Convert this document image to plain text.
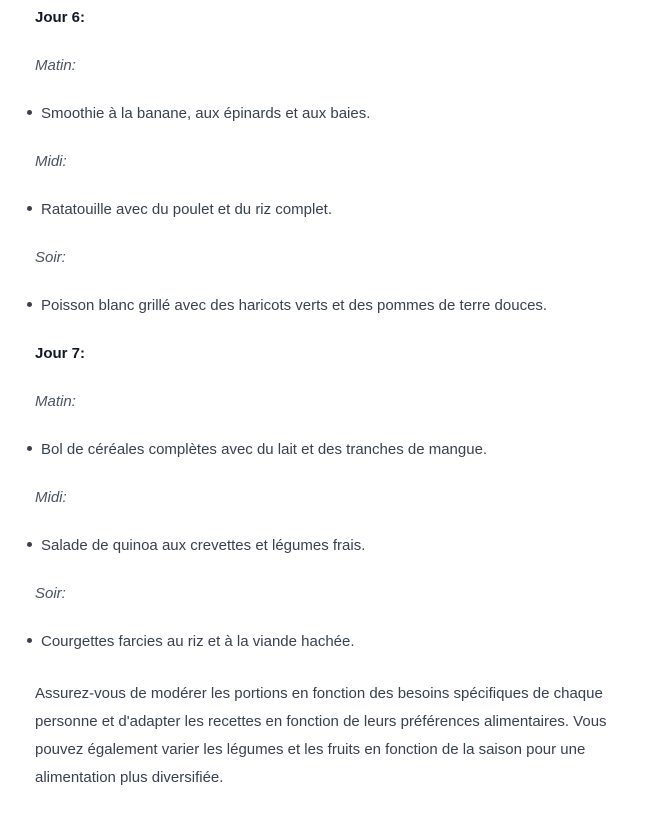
Jour 6:
Matin:
Smoothie à la banane, aux épinards et aux baies.
Midi:
Ratatouille avec du poulet et du riz complet.
Soir:
Poisson blanc grillé avec des haricots verts et des pommes de terre douces.
Jour 7:
Matin:
Bol de céréales complètes avec du lait et des tranches de mangue.
Midi:
Salade de quinoa aux crevettes et légumes frais.
Soir:
Courgettes farcies au riz et à la viande hachée.

Assurez-vous de modérer les portions en fonction des besoins spécifiques de chaque personne et d'adapter les recettes en fonction de leurs préférences alimentaires. Vous pouvez également varier les légumes et les fruits en fonction de la saison pour une alimentation plus diversifiée.
